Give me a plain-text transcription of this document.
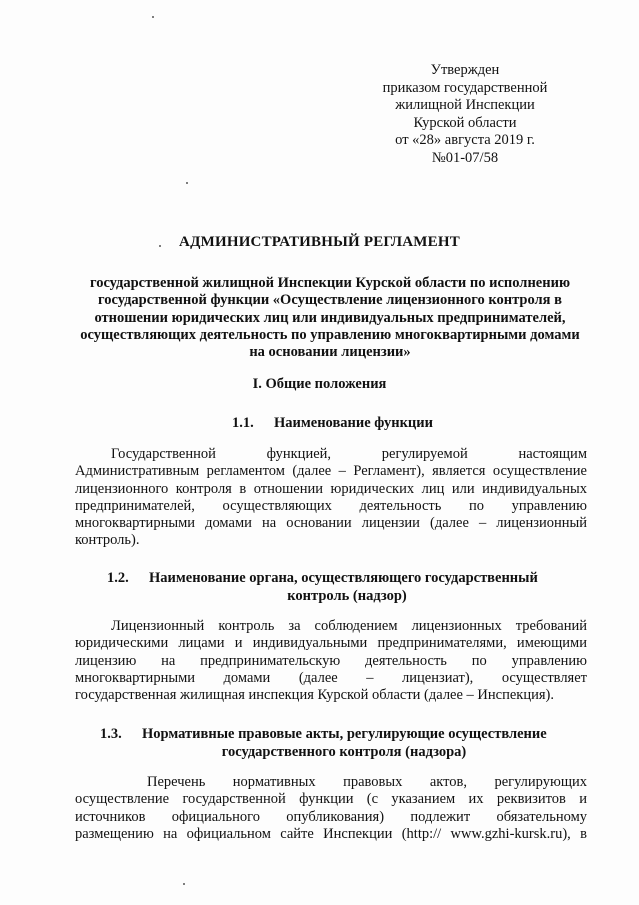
Утвержден
приказом государственной
жилищной Инспекции
Курской области
от «28» августа 2019 г.
№01-07/58
АДМИНИСТРАТИВНЫЙ РЕГЛАМЕНТ
государственной жилищной Инспекции Курской области по исполнению
государственной функции «Осуществление лицензионного контроля в
отношении юридических лиц или индивидуальных предпринимателей,
осуществляющих деятельность по управлению многоквартирными домами
на основании лицензии»
I. Общие положения
1.1. Наименование функции
Государственной функцией, регулируемой настоящим
Административным регламентом (далее – Регламент), является осуществление
лицензионного контроля в отношении юридических лиц или индивидуальных
предпринимателей, осуществляющих деятельность по управлению
многоквартирными домами на основании лицензии (далее – лицензионный
контроль).
1.2. Наименование органа, осуществляющего государственный
контроль (надзор)
Лицензионный контроль за соблюдением лицензионных требований
юридическими лицами и индивидуальными предпринимателями, имеющими
лицензию на предпринимательскую деятельность по управлению
многоквартирными домами (далее – лицензиат), осуществляет
государственная жилищная инспекция Курской области (далее – Инспекция).
1.3. Нормативные правовые акты, регулирующие осуществление
государственного контроля (надзора)
Перечень нормативных правовых актов, регулирующих
осуществление государственной функции (с указанием их реквизитов и
источников официального опубликования) подлежит обязательному
размещению на официальном сайте Инспекции (http:// www.gzhi-kursk.ru), в
